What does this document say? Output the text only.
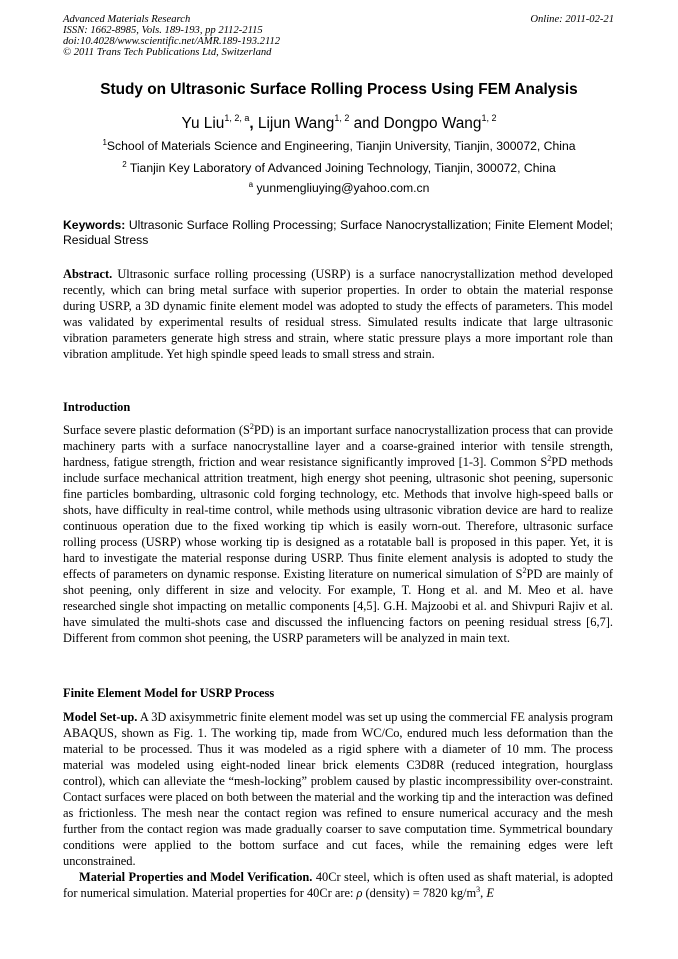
Advanced Materials Research
ISSN: 1662-8985, Vols. 189-193, pp 2112-2115
doi:10.4028/www.scientific.net/AMR.189-193.2112
© 2011 Trans Tech Publications Ltd, Switzerland
Online: 2011-02-21
Study on Ultrasonic Surface Rolling Process Using FEM Analysis
Yu Liu$^{1, 2, a}$, Lijun Wang$^{1, 2}$ and Dongpo Wang$^{1, 2}$
$^1$School of Materials Science and Engineering, Tianjin University, Tianjin, 300072, China
$^2$ Tianjin Key Laboratory of Advanced Joining Technology, Tianjin, 300072, China
$^a$ yunmengliuying@yahoo.com.cn
Keywords: Ultrasonic Surface Rolling Processing; Surface Nanocrystallization; Finite Element Model; Residual Stress

Abstract. Ultrasonic surface rolling processing (USRP) is a surface nanocrystallization method developed recently, which can bring metal surface with superior properties. In order to obtain the material response during USRP, a 3D dynamic finite element model was adopted to study the effects of parameters. This model was validated by experimental results of residual stress. Simulated results indicate that large ultrasonic vibration parameters generate high stress and strain, where static pressure plays a more important role than vibration amplitude. Yet high spindle speed leads to small stress and strain.

Introduction

Surface severe plastic deformation $(S^2PD)$ is an important surface nanocrystallization process that can provide machinery parts with a surface nanocrystalline layer and a coarse-grained interior with tensile strength, hardness, fatigue strength, friction and wear resistance significantly improved [1-3]. Common $S^2PD$ methods include surface mechanical attrition treatment, high energy shot peening, ultrasonic shot peening, supersonic fine particles bombarding, ultrasonic cold forging technology, etc. Methods that involve high-speed balls or shots, have difficulty in real-time control, while methods using ultrasonic vibration device are hard to realize continuous operation due to the fixed working tip which is easily worn-out. Therefore, ultrasonic surface rolling process (USRP) whose working tip is designed as a rotatable ball is proposed in this paper. Yet, it is hard to investigate the material response during USRP. Thus finite element analysis is adopted to study the effects of parameters on dynamic response. Existing literature on numerical simulation of $S^2PD$ are mainly of shot peening, only different in size and velocity. For example, T. Hong et al. and M. Meo et al. have researched single shot impacting on metallic components [4,5]. G.H. Majzoobi et al. and Shivpuri Rajiv et al. have simulated the multi-shots case and discussed the influencing factors on peening residual stress [6,7]. Different from common shot peening, the USRP parameters will be analyzed in main text.

Finite Element Model for USRP Process

Model Set-up. A 3D axisymmetric finite element model was set up using the commercial FE analysis program ABAQUS, shown as Fig. 1. The working tip, made from WC/Co, endured much less deformation than the material to be processed. Thus it was modeled as a rigid sphere with a diameter of 10 mm. The process material was modeled using eight-noded linear brick elements C3D8R (reduced integration, hourglass control), which can alleviate the “mesh-locking” problem caused by plastic incompressibility over-constraint. Contact surfaces were placed on both between the material and the working tip and the interaction was defined as frictionless. The mesh near the contact region was refined to ensure numerical accuracy and the mesh further from the contact region was made gradually coarser to save computation time. Symmetrical boundary conditions were applied to the bottom surface and cut faces, while the remaining edges were left unconstrained.

Material Properties and Model Verification. 40Cr steel, which is often used as shaft material, is adopted for numerical simulation. Material properties for 40Cr are: ρ (density) = 7820 $kg/m^3$, E
